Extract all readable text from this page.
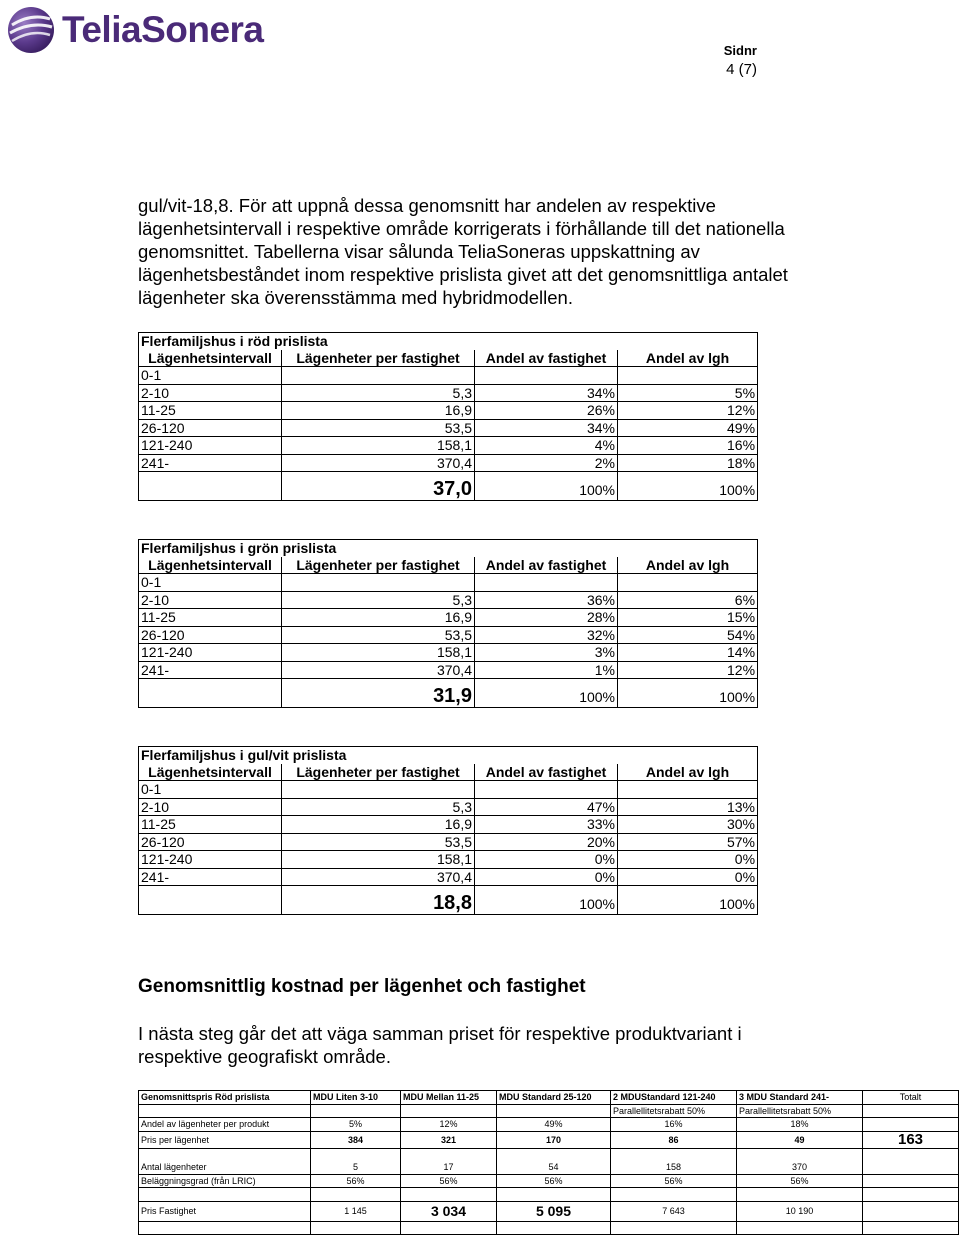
TeliaSonera
Sidnr
4 (7)

gul/vit-18,8. För att uppnå dessa genomsnitt har andelen av respektive
lägenhetsintervall i respektive område korrigerats i förhållande till det nationella
genomsnittet. Tabellerna visar sålunda TeliaSoneras uppskattning av
lägenhetsbeståndet inom respektive prislista givet att det genomsnittliga antalet
lägenheter ska överensstämma med hybridmodellen.

Flerfamiljshus i röd prislista			
Lägenhetsintervall	Lägenheter per fastighet	Andel av fastighet	Andel av lgh
0-1			
2-10	5,3	34%	5%
11-25	16,9	26%	12%
26-120	53,5	34%	49%
121-240	158,1	4%	16%
241-	370,4	2%	18%
	37,0	100%	100%
Flerfamiljshus i grön prislista			
Lägenhetsintervall	Lägenheter per fastighet	Andel av fastighet	Andel av lgh
0-1			
2-10	5,3	36%	6%
11-25	16,9	28%	15%
26-120	53,5	32%	54%
121-240	158,1	3%	14%
241-	370,4	1%	12%
	31,9	100%	100%
Flerfamiljshus i gul/vit prislista			
Lägenhetsintervall	Lägenheter per fastighet	Andel av fastighet	Andel av lgh
0-1			
2-10	5,3	47%	13%
11-25	16,9	33%	30%
26-120	53,5	20%	57%
121-240	158,1	0%	0%
241-	370,4	0%	0%
	18,8	100%	100%
Genomsnittlig kostnad per lägenhet och fastighet

I nästa steg går det att väga samman priset för respektive produktvariant i
respektive geografiskt område.

Genomsnittspris Röd prislista	MDU Liten 3-10	MDU Mellan 11-25	MDU Standard 25-120	2 MDUStandard 121-240	3 MDU Standard 241-	Totalt
				Parallellitetsrabatt 50%	Parallellitetsrabatt 50%	
Andel av lägenheter per produkt	5%	12%	49%	16%	18%	
Pris per lägenhet	384	321	170	86	49	163

Antal lägenheter	5	17	54	158	370	
Beläggningsgrad (från LRIC)	56%	56%	56%	56%	56%	

Pris Fastighet	1 145	3 034	5 095	7 643	10 190	
